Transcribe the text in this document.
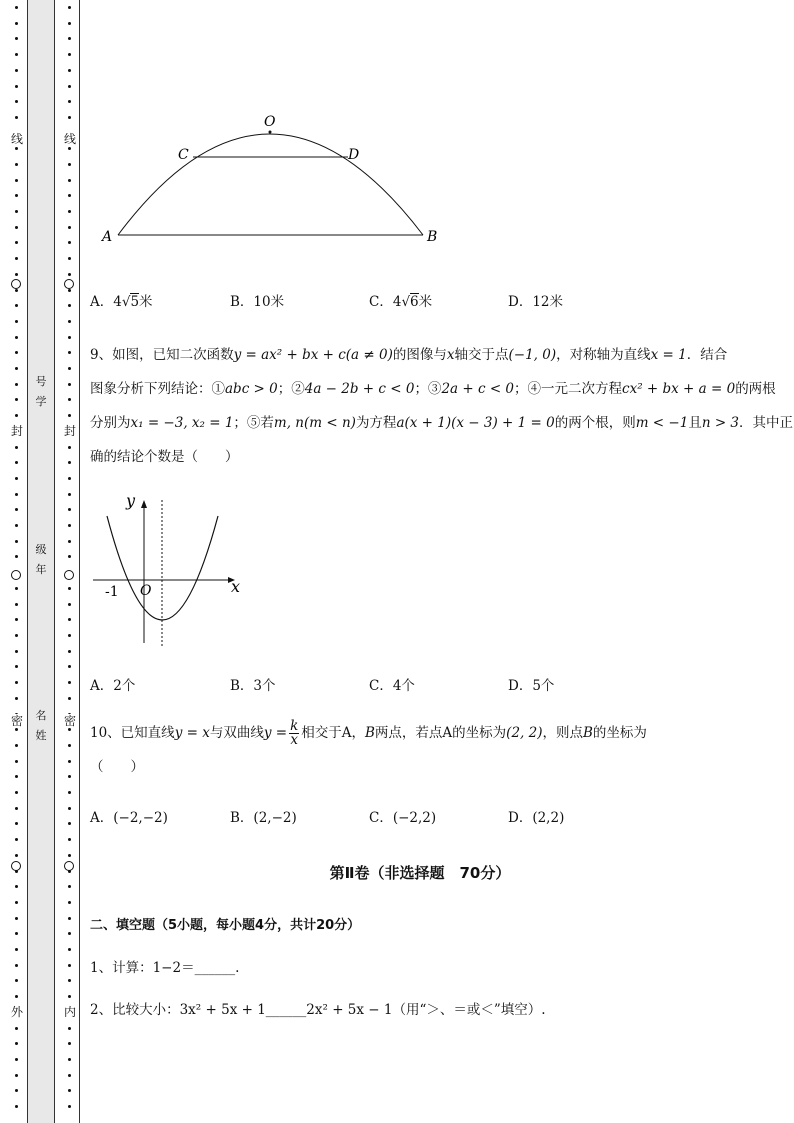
线
封
密
外
线
封
密
内
号学
级年
名姓
O
C	D
A	B
A．4√5米	B．10米	C．4√6米	D．12米
9、如图，已知二次函数y = ax² + bx + c(a ≠ 0)的图像与x轴交于点(−1, 0)，对称轴为直线x = 1．结合
图象分析下列结论：①abc > 0；②4a − 2b + c < 0；③2a + c < 0；④一元二次方程cx² + bx + a = 0的两根
分别为x₁ = −3, x₂ = 1；⑤若m, n(m < n)为方程a(x + 1)(x − 3) + 1 = 0的两个根，则m < −1且n > 3．其中正
确的结论个数是（　　）
y
x
-1 O
A．2个	B．3个	C．4个	D．5个
10、已知直线y = x与双曲线$y = \frac{k}{x}$ 相交于A，B两点，若点A的坐标为(2, 2)，则点B的坐标为
（　　）
A．(−2,−2)	B．(2,−2)	C．(−2,2)	D．(2,2)
第Ⅱ卷（非选择题　70分）
二、填空题（5小题，每小题4分，共计20分）
1、计算：1−2＝______.
2、比较大小：3x² + 5x + 1______2x² + 5x − 1（用“＞、＝或＜”填空）.
